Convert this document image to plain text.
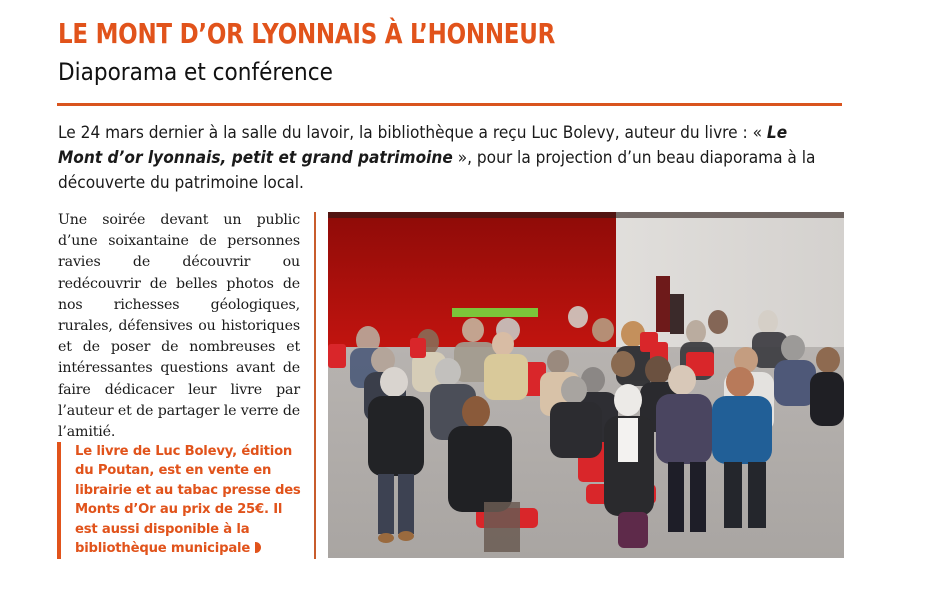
LE MONT D’OR LYONNAIS À L’HONNEUR
Diaporama et conférence

Le 24 mars dernier à la salle du lavoir, la bibliothèque a reçu Luc Bolevy, auteur du livre : « Le Mont d’or lyonnais, petit et grand patrimoine », pour la projection d’un beau diaporama à la découverte du patrimoine local.

Une soirée devant un public d’une soixantaine de personnes ravies de découvrir ou redécouvrir de belles photos de nos richesses géologiques, rurales, défensives ou historiques et de poser de nombreuses et intéressantes questions avant de faire dédicacer leur livre par l’auteur et de partager le verre de l’amitié.

Le livre de Luc Bolevy, édition du Poutan, est en vente en librairie et au tabac presse des Monts d’Or au prix de 25€. Il est aussi disponible à la bibliothèque municipale
